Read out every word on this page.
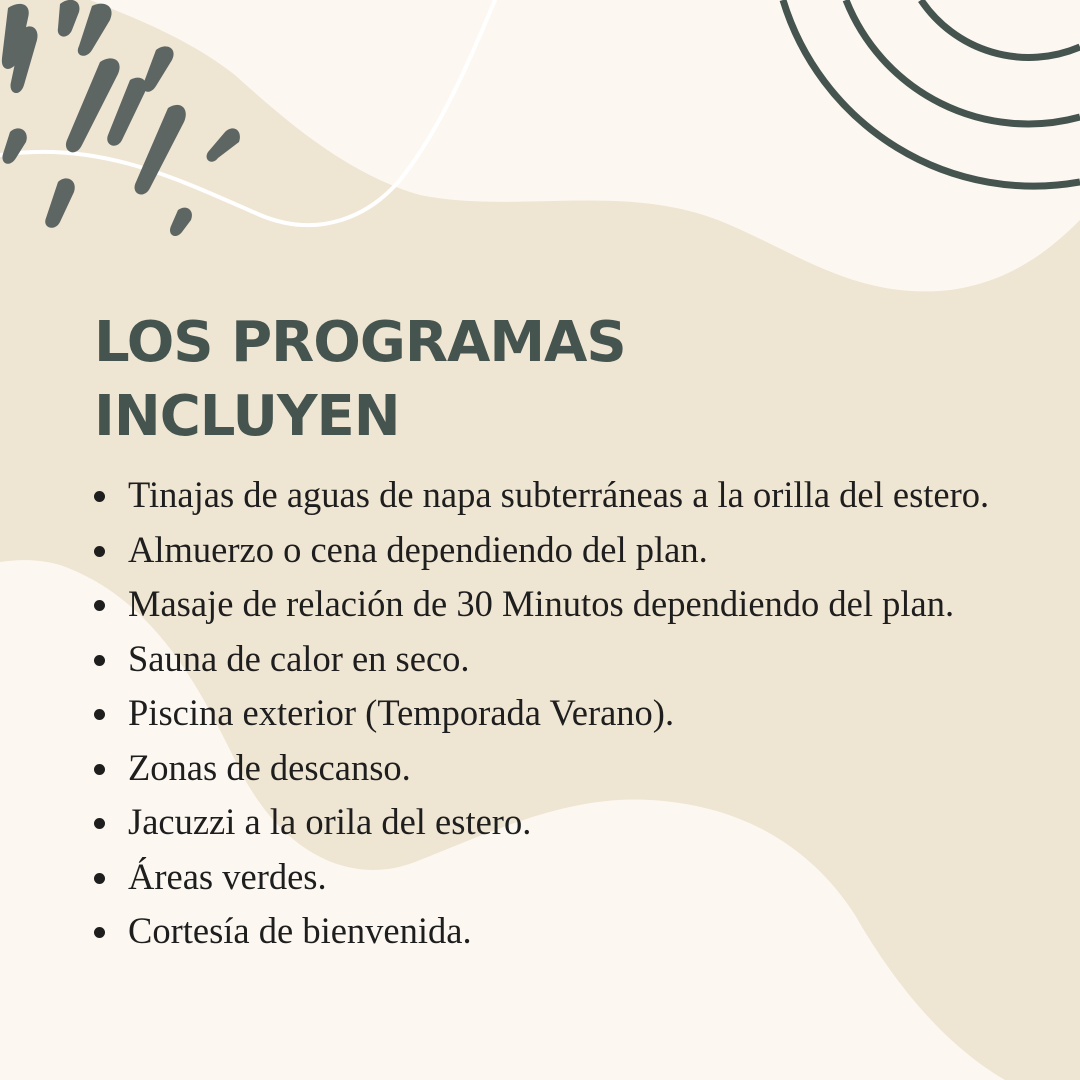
LOS PROGRAMAS
INCLUYEN
Tinajas de aguas de napa subterráneas a la orilla del estero.
Almuerzo o cena dependiendo del plan.
Masaje de relación de 30 Minutos dependiendo del plan.
Sauna de calor en seco.
Piscina exterior (Temporada Verano).
Zonas de descanso.
Jacuzzi a la orila del estero.
Áreas verdes.
Cortesía de bienvenida.
